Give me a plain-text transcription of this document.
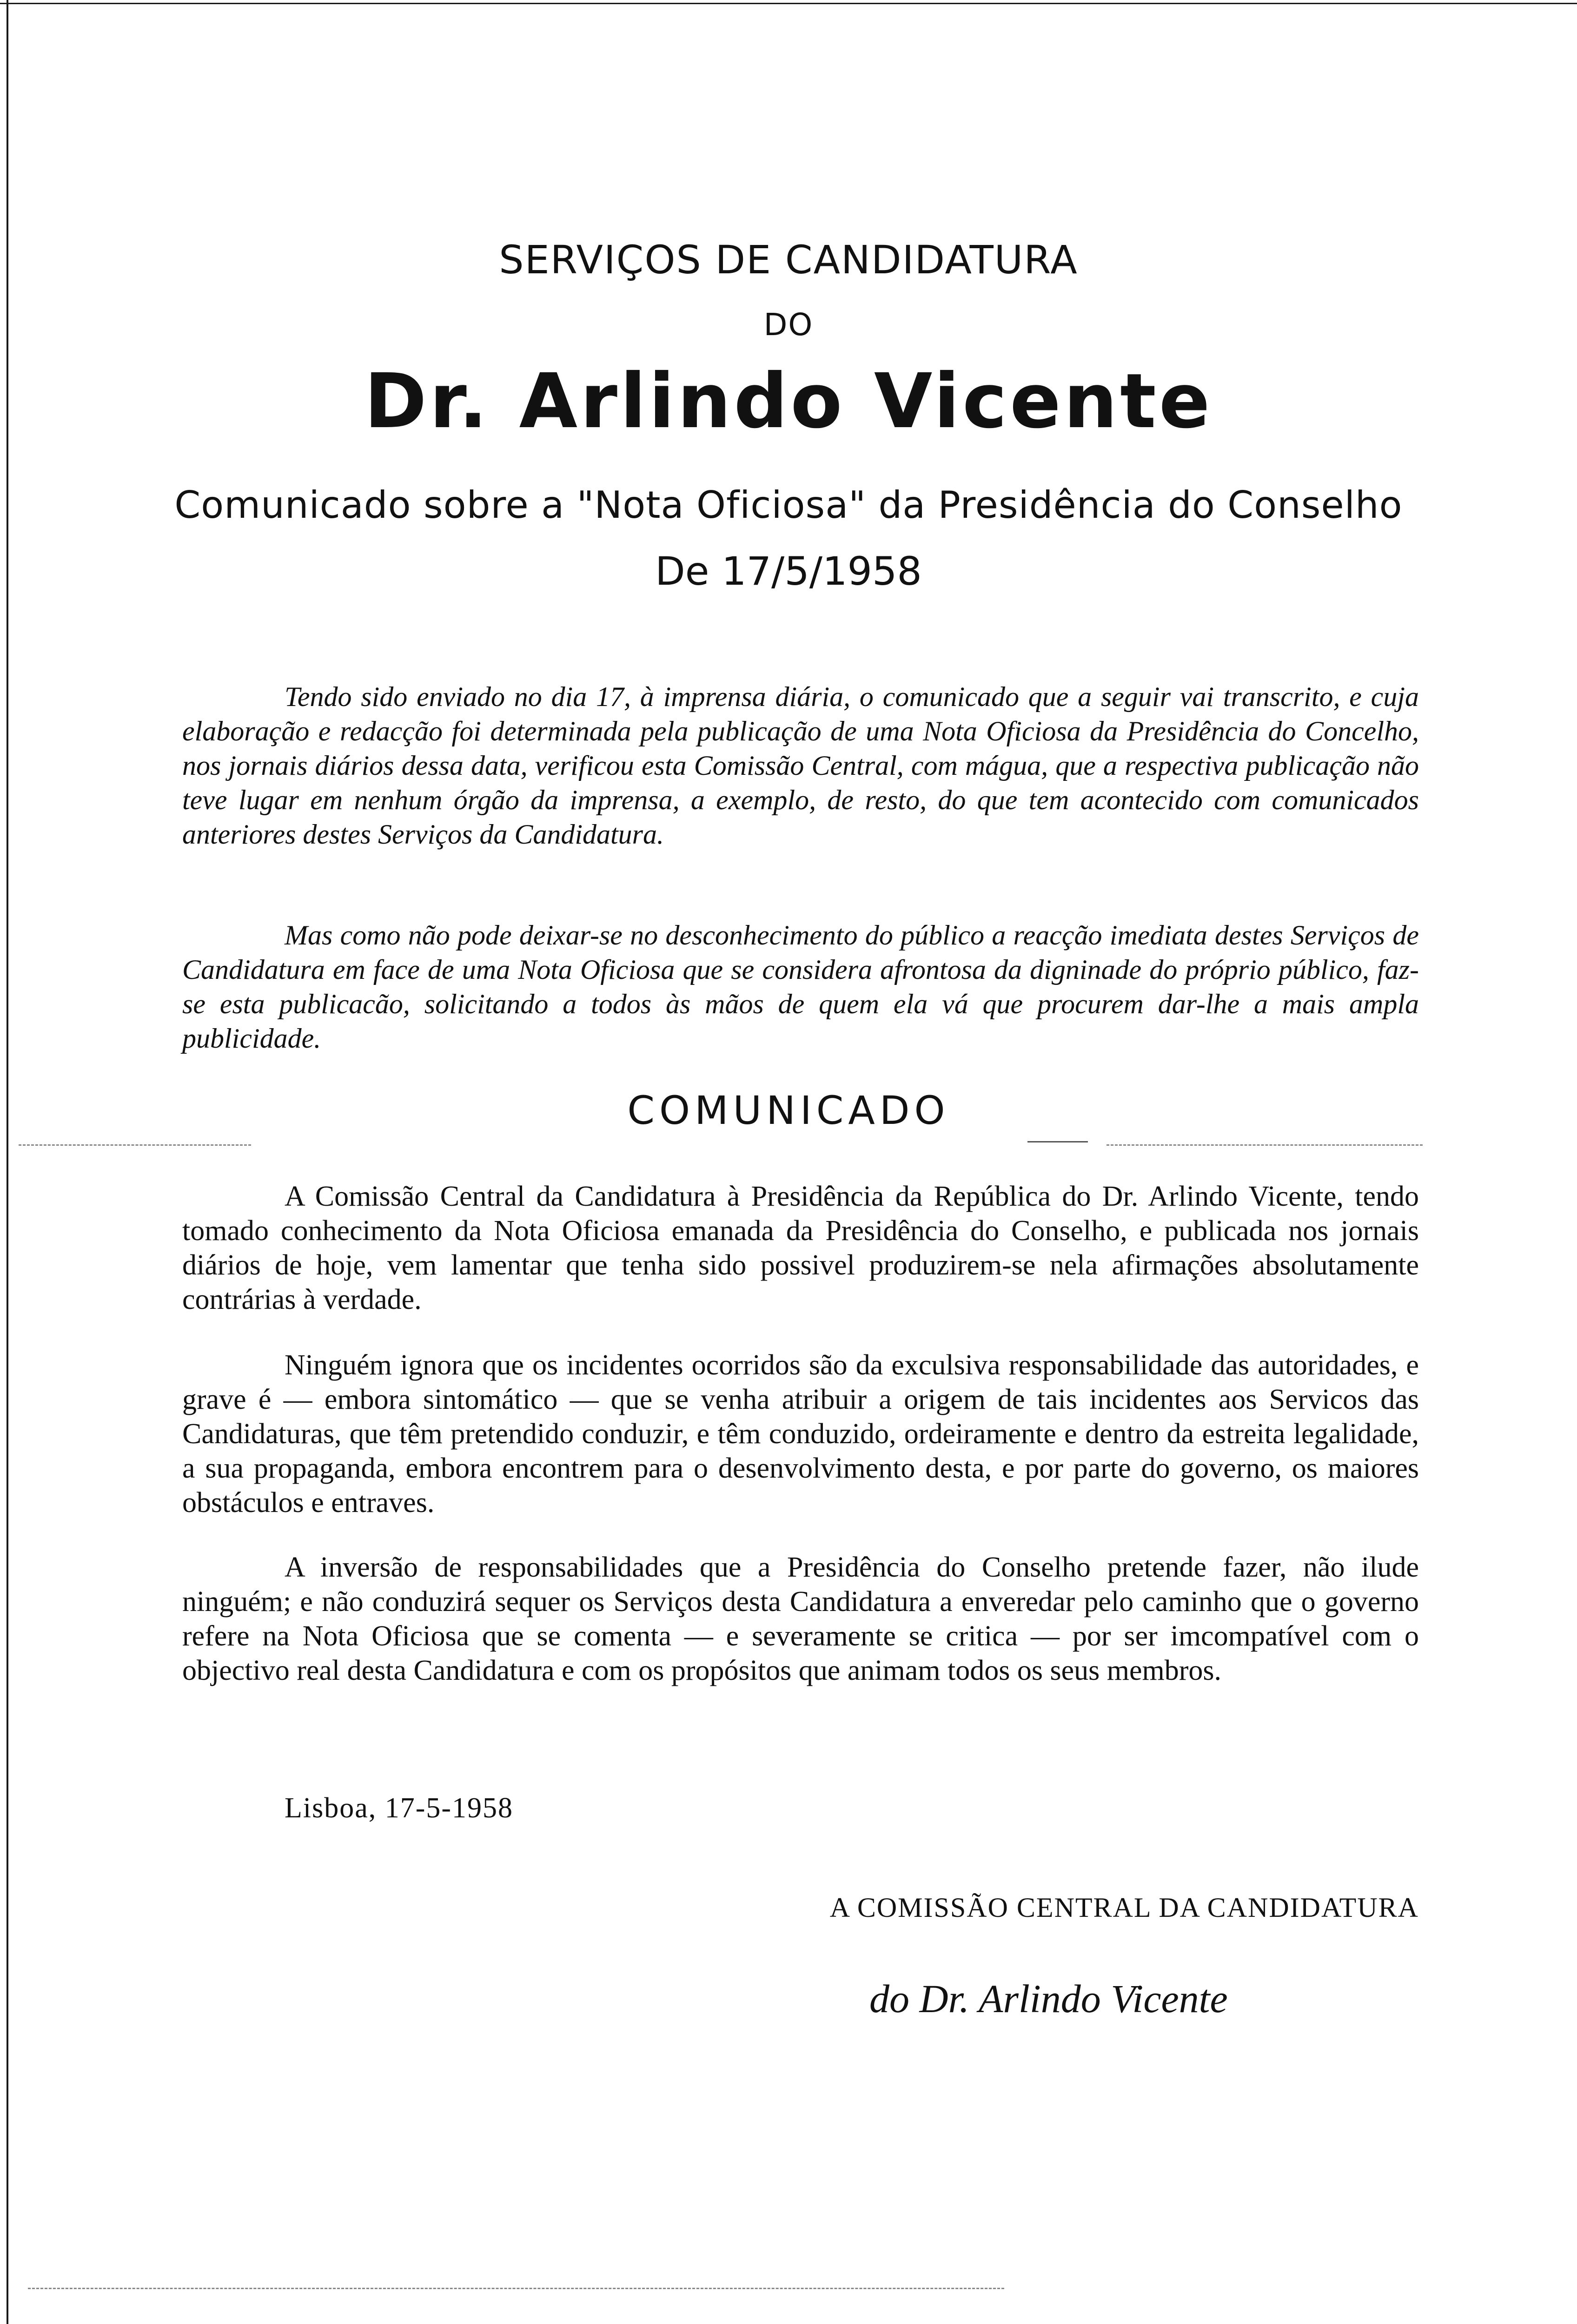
SERVIÇOS DE CANDIDATURA
DO
Dr. Arlindo Vicente
Comunicado sobre a "Nota Oficiosa" da Presidência do Conselho
De 17/5/1958
Tendo sido enviado no dia 17, à imprensa diária, o comunicado que a seguir vai transcrito, e cuja elaboração e redacção foi determinada pela publicação de uma Nota Oficiosa da Presidência do Concelho, nos jornais diários dessa data, verificou esta Comissão Central, com mágua, que a respectiva publicação não teve lugar em nenhum órgão da imprensa, a exemplo, de resto, do que tem acontecido com comunicados anteriores destes Serviços da Candidatura.
Mas como não pode deixar-se no desconhecimento do público a reacção imediata destes Serviços de Candidatura em face de uma Nota Oficiosa que se considera afrontosa da digninade do próprio público, faz-se esta publicacão, solicitando a todos às mãos de quem ela vá que procurem dar-lhe a mais ampla publicidade.
COMUNICADO
A Comissão Central da Candidatura à Presidência da República do Dr. Arlindo Vicente, tendo tomado conhecimento da Nota Oficiosa emanada da Presidência do Conselho, e publicada nos jornais diários de hoje, vem lamentar que tenha sido possivel produzirem-se nela afirmações absolutamente contrárias à verdade.
Ninguém ignora que os incidentes ocorridos são da exculsiva responsabilidade das autoridades, e grave é — embora sintomático — que se venha atribuir a origem de tais incidentes aos Servicos das Candidaturas, que têm pretendido conduzir, e têm conduzido, ordeiramente e dentro da estreita legalidade, a sua propaganda, embora encontrem para o desenvolvimento desta, e por parte do governo, os maiores obstáculos e entraves.
A inversão de responsabilidades que a Presidência do Conselho pretende fazer, não ilude ninguém; e não conduzirá sequer os Serviços desta Candidatura a enveredar pelo caminho que o governo refere na Nota Oficiosa que se comenta — e severamente se critica — por ser imcompatível com o objectivo real desta Candidatura e com os propósitos que animam todos os seus membros.
Lisboa, 17-5-1958
A COMISSÃO CENTRAL DA CANDIDATURA
do Dr. Arlindo Vicente
